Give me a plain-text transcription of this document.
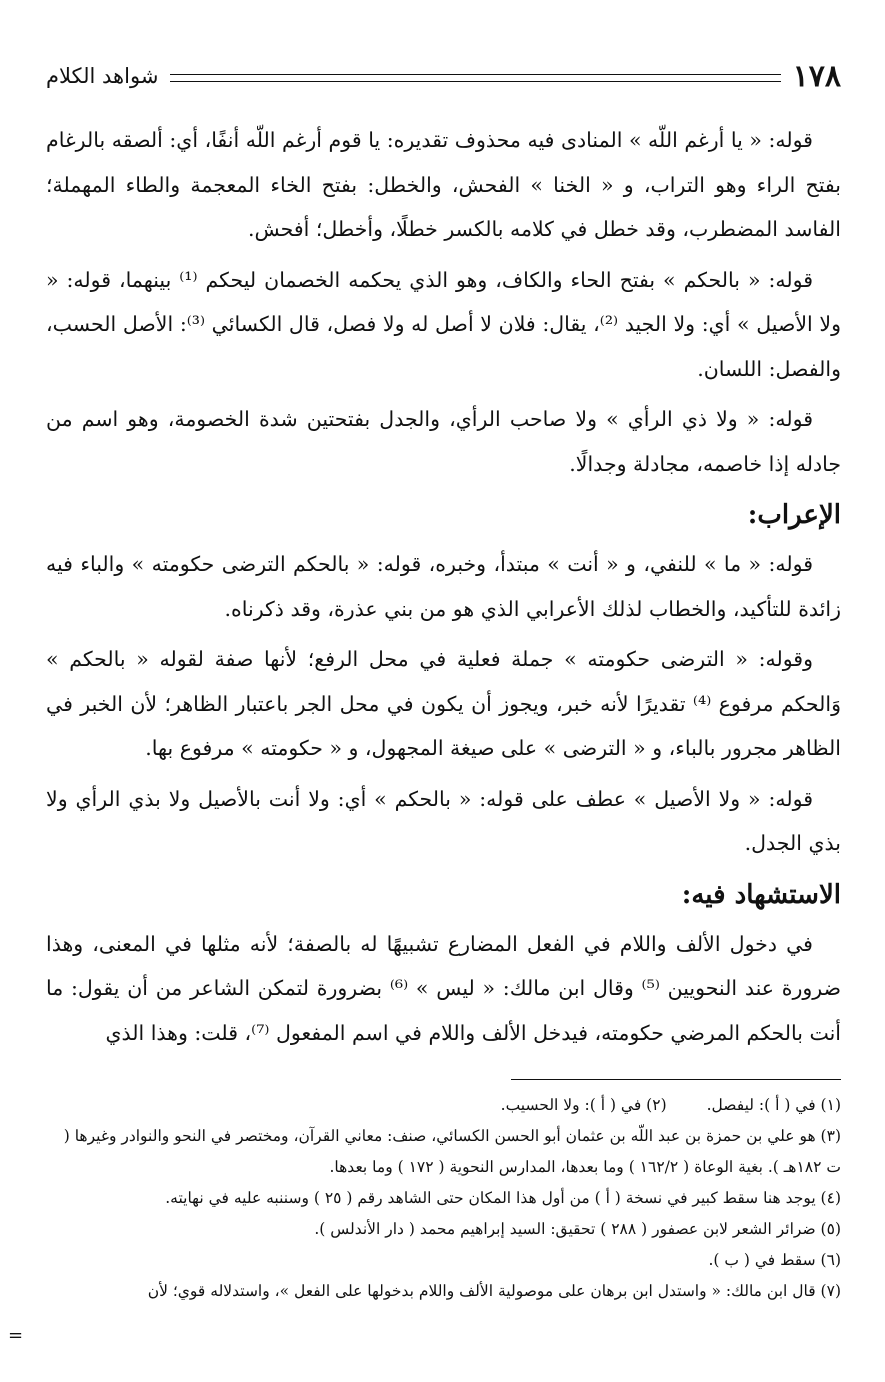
١٧٨
شواهد الكلام

قوله: « يا أرغم اللّه » المنادى فيه محذوف تقديره: يا قوم أرغم اللّه أنفًا، أي: ألصقه بالرغام بفتح الراء وهو التراب، و « الخنا » الفحش، والخطل: بفتح الخاء المعجمة والطاء المهملة؛ الفاسد المضطرب، وقد خطل في كلامه بالكسر خطلًا، وأخطل؛ أفحش.

قوله: « بالحكم » بفتح الحاء والكاف، وهو الذي يحكمه الخصمان ليحكم ⁽¹⁾ بينهما، قوله: « ولا الأصيل » أي: ولا الجيد ⁽²⁾، يقال: فلان لا أصل له ولا فصل، قال الكسائي ⁽³⁾: الأصل الحسب، والفصل: اللسان.

قوله: « ولا ذي الرأي » ولا صاحب الرأي، والجدل بفتحتين شدة الخصومة، وهو اسم من جادله إذا خاصمه، مجادلة وجدالًا.

الإعراب:

قوله: « ما » للنفي، و « أنت » مبتدأ، وخبره، قوله: « بالحكم الترضى حكومته » والباء فيه زائدة للتأكيد، والخطاب لذلك الأعرابي الذي هو من بني عذرة، وقد ذكرناه.

وقوله: « الترضى حكومته » جملة فعلية في محل الرفع؛ لأنها صفة لقوله « بالحكم » وَالحكم مرفوع ⁽⁴⁾ تقديرًا لأنه خبر، ويجوز أن يكون في محل الجر باعتبار الظاهر؛ لأن الخبر في الظاهر مجرور بالباء، و « الترضى » على صيغة المجهول، و « حكومته » مرفوع بها.

قوله: « ولا الأصيل » عطف على قوله: « بالحكم » أي: ولا أنت بالأصيل ولا بذي الرأي ولا بذي الجدل.

الاستشهاد فيه:

في دخول الألف واللام في الفعل المضارع تشبيهًا له بالصفة؛ لأنه مثلها في المعنى، وهذا ضرورة عند النحويين ⁽⁵⁾ وقال ابن مالك: « ليس » ⁽⁶⁾ بضرورة لتمكن الشاعر من أن يقول: ما أنت بالحكم المرضي حكومته، فيدخل الألف واللام في اسم المفعول ⁽⁷⁾، قلت: وهذا الذي

(١) في ( أ ): ليفصل.

(٢) في ( أ ): ولا الحسيب.

(٣) هو علي بن حمزة بن عبد اللّه بن عثمان أبو الحسن الكسائي، صنف: معاني القرآن، ومختصر في النحو والنوادر وغيرها ( ت ١٨٢هـ ). بغية الوعاة ( ١٦٢/٢ ) وما بعدها، المدارس النحوية ( ١٧٢ ) وما بعدها.

(٤) يوجد هنا سقط كبير في نسخة ( أ ) من أول هذا المكان حتى الشاهد رقم ( ٢٥ ) وسننبه عليه في نهايته.

(٥) ضرائر الشعر لابن عصفور ( ٢٨٨ ) تحقيق: السيد إبراهيم محمد ( دار الأندلس ).

(٦) سقط في ( ب ).

(٧) قال ابن مالك: « واستدل ابن برهان على موصولية الألف واللام بدخولها على الفعل »، واستدلاله قوي؛ لأن

=
